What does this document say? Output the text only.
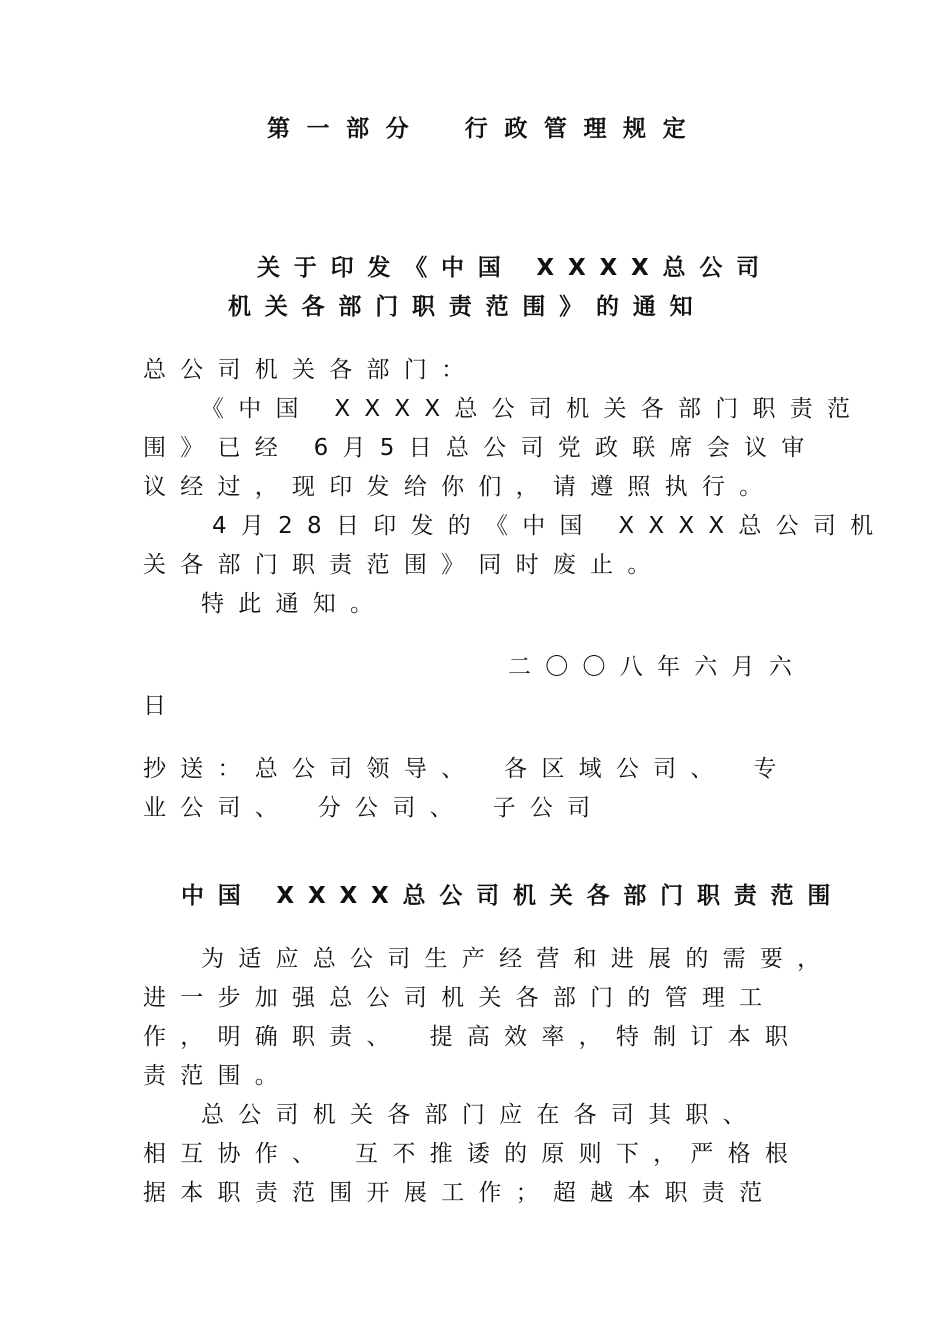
第一部分　行政管理规定
关于印发《中国 XXXX总公司
机关各部门职责范围》的通知
总公司机关各部门：
《中国 XXXX总公司机关各部门职责范
围》已经 6月5日总公司党政联席会议审
议经过，现印发给你们，请遵照执行。
4月28日印发的《中国 XXXX总公司机
关各部门职责范围》同时废止。
特此通知。
二〇〇八年六月六
日
抄送：总公司领导、　各区域公司、　专
业公司、　分公司、　子公司
中国 XXXX总公司机关各部门职责范围
为适应总公司生产经营和进展的需要，
进一步加强总公司机关各部门的管理工
作，明确职责、　提高效率，特制订本职
责范围。
总公司机关各部门应在各司其职、
相互协作、　互不推诿的原则下，严格根
据本职责范围开展工作；超越本职责范
